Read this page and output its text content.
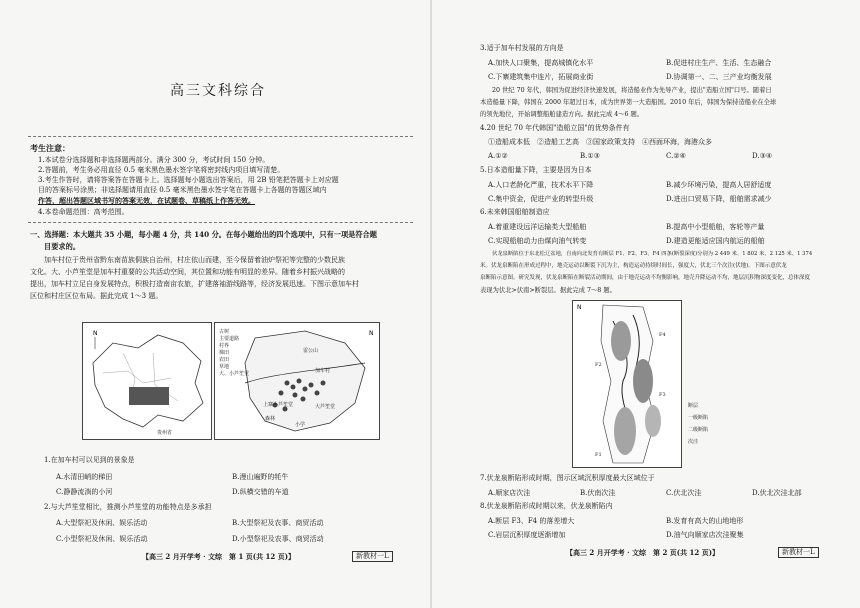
高三文科综合
考生注意：
1.本试卷分选择题和非选择题两部分。满分 300 分，考试时间 150 分钟。
2.答题前，考生务必用直径 0.5 毫米黑色墨水签字笔将密封线内项目填写清楚。
3.考生作答时，请将答案答在答题卡上。选择题每小题选出答案后，用 2B 铅笔把答题卡上对应题
目的答案标号涂黑；非选择题请用直径 0.5 毫米黑色墨水签字笔在答题卡上各题的答题区域内
作答，超出答题区域书写的答案无效，在试题卷、草稿纸上作答无效。
4.本卷命题范围：高考范围。
一、选择题：本大题共 35 小题，每小题 4 分，共 140 分。在每小题给出的四个选项中，只有一项是符合题
目要求的。
加车村位于贵州省黔东南苗族侗族自治州，村庄依山而建，至今保留着油炉祭祀等完整的少数民族
文化。大、小芦笙堂是加车村重要的公共活动空间，其位置和功能有明显的差异。随着乡村振兴战略的
提出，加车村立足自身发展特点，积极打造南亩农旅，扩建落袖游线路等，经济发展迅速。下图示意加车村
区位和村庄区位布局。据此完成 1～3 题。
N
贵州省
N
古树
主要道路
村界
梯田
农田
草地
大、小芦笙堂
雷公山
加车村
上寨小芦笙堂	大芦笙堂
森林
小学
1.在加车村可以见到的景象是
A.水清田峭的梯田	B.漫山遍野的牦牛
C.静静流淌的小河	D.纵横交错的车道
2.与大芦笙堂相比，推测小芦笙堂的功能特点是多承担
A.大型祭祀及休闲、娱乐活动	B.大型祭祀及农事、商贸活动
C.小型祭祀及休闲、娱乐活动	D.小型祭祀及农事、商贸活动
【高三 2 月开学考 · 文综　第 1 页(共 12 页)】	新教材一L
3.适于加车村发展的方向是
A.加快人口聚集，提高城镇化水平	B.促进村庄生产、生活、生态融合
C.下寨建筑集中连片，拓展商业街	D.协调第一、二、三产业均衡发展
20 世纪 70 年代，韩国为促进经济快速发展，将造船业作为先导产业，提出"造船立国"口号。随着日
本造船量下降，韩国在 2000 年超过日本，成为世界第一大造船国。2010 年后，韩国为保持造船业在全球
的领先地位，开始调整船舶建造方向。据此完成 4～6 题。
4.20 世纪 70 年代韩国"造船立国"的优势条件有
①造船成本低　②造船工艺高　③国家政策支持　④西面环海，海港众多
A.①②	B.①③	C.②④	D.③④
5.日本造船量下降，主要是因为日本
A.人口老龄化严重，技术水平下降	B.减少环境污染，提高人居舒适度
C.集中资金，促进产业的转型升级	D.进出口贸易下降，船舶需求减少
6.未来韩国船舶制造应
A.着重建设远洋运输类大型船舶	B.提高中小型船舶，客轮等产量
C.实现船舶动力由煤向油气转变	D.建造更能适应国内航运的船舶
伏龙泉断陷位于东北松辽盆地，自南向北发育有断层 F1、F2、F3、F4 四条(断裂深度)分别为 2 449 米、1 802 米、2 125 米、1 374
米。伏龙泉断陷在形成过程中，地壳运动以断裂下沉为主，构造运动持续时间长，强度大，伏北三个次注(伏地)。下图示意伏龙
泉断陷示意图。研究发现，伏龙泉断陷在断裂活动期间，由于地壳运动不均衡影响，地壳升降运动不均，地层沉积物深度变化，总体深度
表现为伏北>伏南>断裂层。据此完成 7～8 题。
N
F4
F3
F2
F1
断层
一级断陷
二级断陷
次洼
7.伏龙泉断陷形成时期，图示区域沉积厚度最大区域位于
A.顺家店次洼	B.伏南次洼	C.伏北次洼	D.伏北次洼北部
8.伏龙泉断陷形成时期以来，伏龙泉断陷内
A.断层 F3、F4 的落差增大	B.发育有高大的山地地形
C.岩层沉积厚度逐渐增加	D.油气向顺家店次洼聚集
【高三 2 月开学考 · 文综　第 2 页(共 12 页)】	新教材一L
